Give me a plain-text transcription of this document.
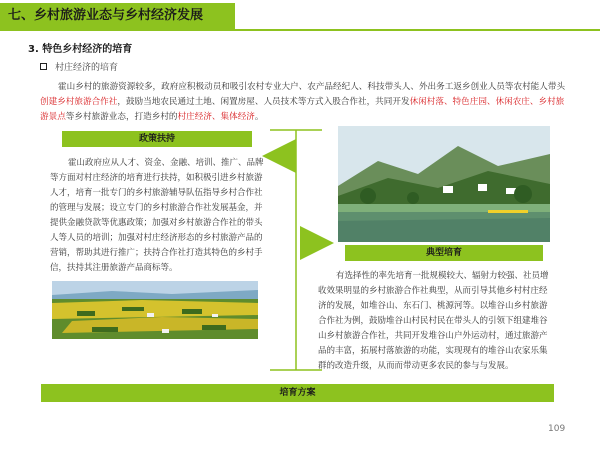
七、乡村旅游业态与乡村经济发展
3. 特色乡村经济的培育
村庄经济的培育
霍山乡村的旅游资源较多，政府应积极动员和吸引农村专业大户、农产品经纪人、科技带头人、外出务工返乡创业人员等农村能人带头创建乡村旅游合作社，鼓励当地农民通过土地、闲置房屋、人员技术等方式入股合作社，共同开发休闲村落、特色庄园、休闲农庄、乡村旅游景点等乡村旅游业态，打造乡村的村庄经济、集体经济。
政策扶持
霍山政府应从人才、资金、金融、培训、推广、品牌等方面对村庄经济的培育进行扶持，如积极引进乡村旅游人才，培育一批专门的乡村旅游辅导队伍指导乡村合作社的管理与发展；设立专门的乡村旅游合作社发展基金，并提供金融贷款等优惠政策；加强对乡村旅游合作社的带头人等人员的培训；加强对村庄经济形态的乡村旅游产品的营销，帮助其进行推广；扶持合作社打造其特色的乡村手信，扶持其注册旅游产品商标等。
典型培育
有选择性的率先培育一批规模较大、辐射力较强、社员增收效果明显的乡村旅游合作社典型，从而引导其他乡村村庄经济的发展，如堆谷山、东石门、桃源河等。以堆谷山乡村旅游合作社为例，鼓励堆谷山村民村民在带头人的引领下组建堆谷山乡村旅游合作社，共同开发堆谷山户外运动村，通过旅游产品的丰富，拓展村落旅游的功能，实现现有的堆谷山农家乐集群的改造升级，从而而带动更多农民的参与与发展。
培育方案
109
